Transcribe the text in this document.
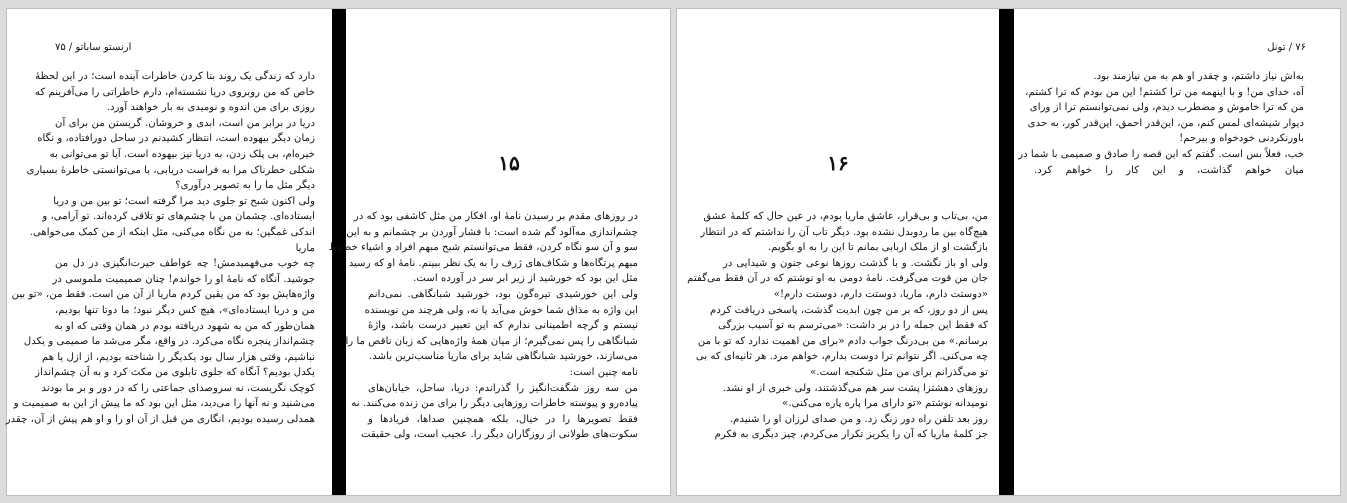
ارنستو ساباتو / ۷۵
دارد که زندگی یک روند بنا کردن خاطرات آینده است؛ در این لحظهٔ
خاص که من روبروی دریا نشسته‌ام، دارم خاطراتی را می‌آفرینم که
روزی برای من اندوه و نومیدی به بار خواهند آورد.
دریا در برابر من است، ابدی و خروشان. گریستن من برای آن
زمان دیگر بیهوده است، انتظار کشیدنم در ساحل دورافتاده، و نگاه
خیره‌ام، بی پلک زدن، به دریا نیز بیهوده است. آیا تو می‌توانی به
شکلی خطرناک مرا به فراست دریابی، یا می‌توانستی خاطرهٔ بسیاری
دیگر مثل ما را به تصویر درآوری؟
ولی اکنون شبح تو جلوی دید مرا گرفته است؛ تو بین من و دریا
ایستاده‌ای. چشمان من با چشم‌های تو تلاقی کرده‌اند. تو آرامی، و
اندکی غمگین؛ به من نگاه می‌کنی، مثل اینکه از من کمک می‌خواهی.
ماریا
چه خوب می‌فهمیدمش! چه عواطف حیرت‌انگیزی در دل من
جوشید. آنگاه که نامهٔ او را خواندم! چنان صمیمیت ملموسی در
واژه‌هایش بود که من یقین کردم ماریا از آن من است. فقط من، «تو بین
من و دریا ایستاده‌ای»، هیچ کس دیگر نبود؛ ما دوتا تنها بودیم،
همان‌طور که من به شهود دریافته بودم در همان وقتی که او به
چشم‌انداز پنجره نگاه می‌کرد. در واقع، مگر می‌شد ما صمیمی و یکدل
نباشیم، وقتی هزار سال بود یکدیگر را شناخته بودیم، از ازل یا هم
یکدل بودیم؟ آنگاه که جلوی تابلوی من مکث کرد و به آن چشم‌انداز
کوچک نگریست، نه سروصدای جماعتی را که در دور و بر ما بودند
می‌شنید و نه آنها را می‌دید، مثل این بود که ما پیش از این به صمیمیت و
همدلی رسیده بودیم، انگاری من قبل از آن او را و او هم پیش از آن، چقدر
۱۵
در روزهای مقدم بر رسیدن نامهٔ او، افکار من مثل کاشفی بود که در
چشم‌اندازی مه‌آلود گم شده است: با فشار آوردن بر چشمانم و به این
سو و آن سو نگاه کردن، فقط می‌توانستم شبح مبهم افراد و اشیاء خطوط
مبهم پرتگاه‌ها و شکاف‌های ژرف را به یک نظر ببینم. نامهٔ او که رسید
مثل این بود که خورشید از زیر ابر سر در آورده است.
ولی این خورشیدی تیره‌گون بود، خورشید شبانگاهی. نمی‌دانم
این واژه به مذاق شما خوش می‌آید یا نه، ولی هرچند من نویسنده
نیستم و گرچه اطمینانی ندارم که این تعبیر درست باشد، واژهٔ
شبانگاهی را پس نمی‌گیرم؛ از میان همهٔ واژه‌هایی که زبان ناقص ما را
می‌سازند، خورشید شبانگاهی شاید برای ماریا مناسب‌ترین باشد.
نامه چنین است:
من سه روز شگفت‌انگیز را گذراندم: دریا، ساحل، خیابان‌های
پیاده‌رو و پیوسته خاطرات روزهایی دیگر را برای من زنده می‌کنند. نه
فقط تصویرها را در خیال، بلکه همچنین صداها، فریادها و
سکوت‌های طولانی از روزگاران دیگر را. عجیب است، ولی حقیقت
۱۶
من، بی‌تاب و بی‌قرار، عاشق ماریا بودم، در عین حال که کلمهٔ عشق
هیچ‌گاه بین ما ردوبدل نشده بود. دیگر تاب آن را نداشتم که در انتظار
بازگشت او از ملک اربابی بمانم تا این را به او بگویم.
ولی او باز نگشت. و با گذشت روزها نوعی جنون و شیدایی در
جان من قوت می‌گرفت. نامهٔ دومی به او نوشتم که در آن فقط می‌گفتم
«دوستت دارم، ماریا، دوستت دارم، دوستت دارم!»
پس از دو روز، که بر من چون ابدیت گذشت، پاسخی دریافت کردم
که فقط این جمله را در بر داشت: «می‌ترسم به تو آسیب بزرگی
برسانم.» من بی‌درنگ جواب دادم «برای من اهمیت ندارد که تو با من
چه می‌کنی. اگر نتوانم ترا دوست بدارم، خواهم مرد. هر ثانیه‌ای که بی
تو می‌گذرانم برای من مثل شکنجه است.»
روزهای دهشتزا پشت سر هم می‌گذشتند، ولی خبری از او نشد.
نومیدانه نوشتم «تو دارای مرا پاره پاره می‌کنی.»
روز بعد تلفن راه دور زنگ زد. و من صدای لرزان او را شنیدم.
جز کلمهٔ ماریا که آن را یکریز تکرار می‌کردم، چیز دیگری به فکرم
۷۶ / تونل
به‌اش نیاز داشتم، و چقدر او هم به من نیاز‌مند بود.
آه، خدای من! و با اینهمه من ترا کشتم! این من بودم که ترا کشتم،
من که ترا خاموش و مضطرب دیدم، ولی نمی‌توانستم ترا از ورای
دیوار شیشه‌ای لمس کنم، من، این‌قدر احمق، این‌قدر کور، به حدی
باورنکردنی خودخواه و بیرحم!
خب، فعلاً بس است. گفتم که این قصه را صادق و صمیمی با شما در
میان خواهم گذاشت، و این کار را خواهم کرد.
